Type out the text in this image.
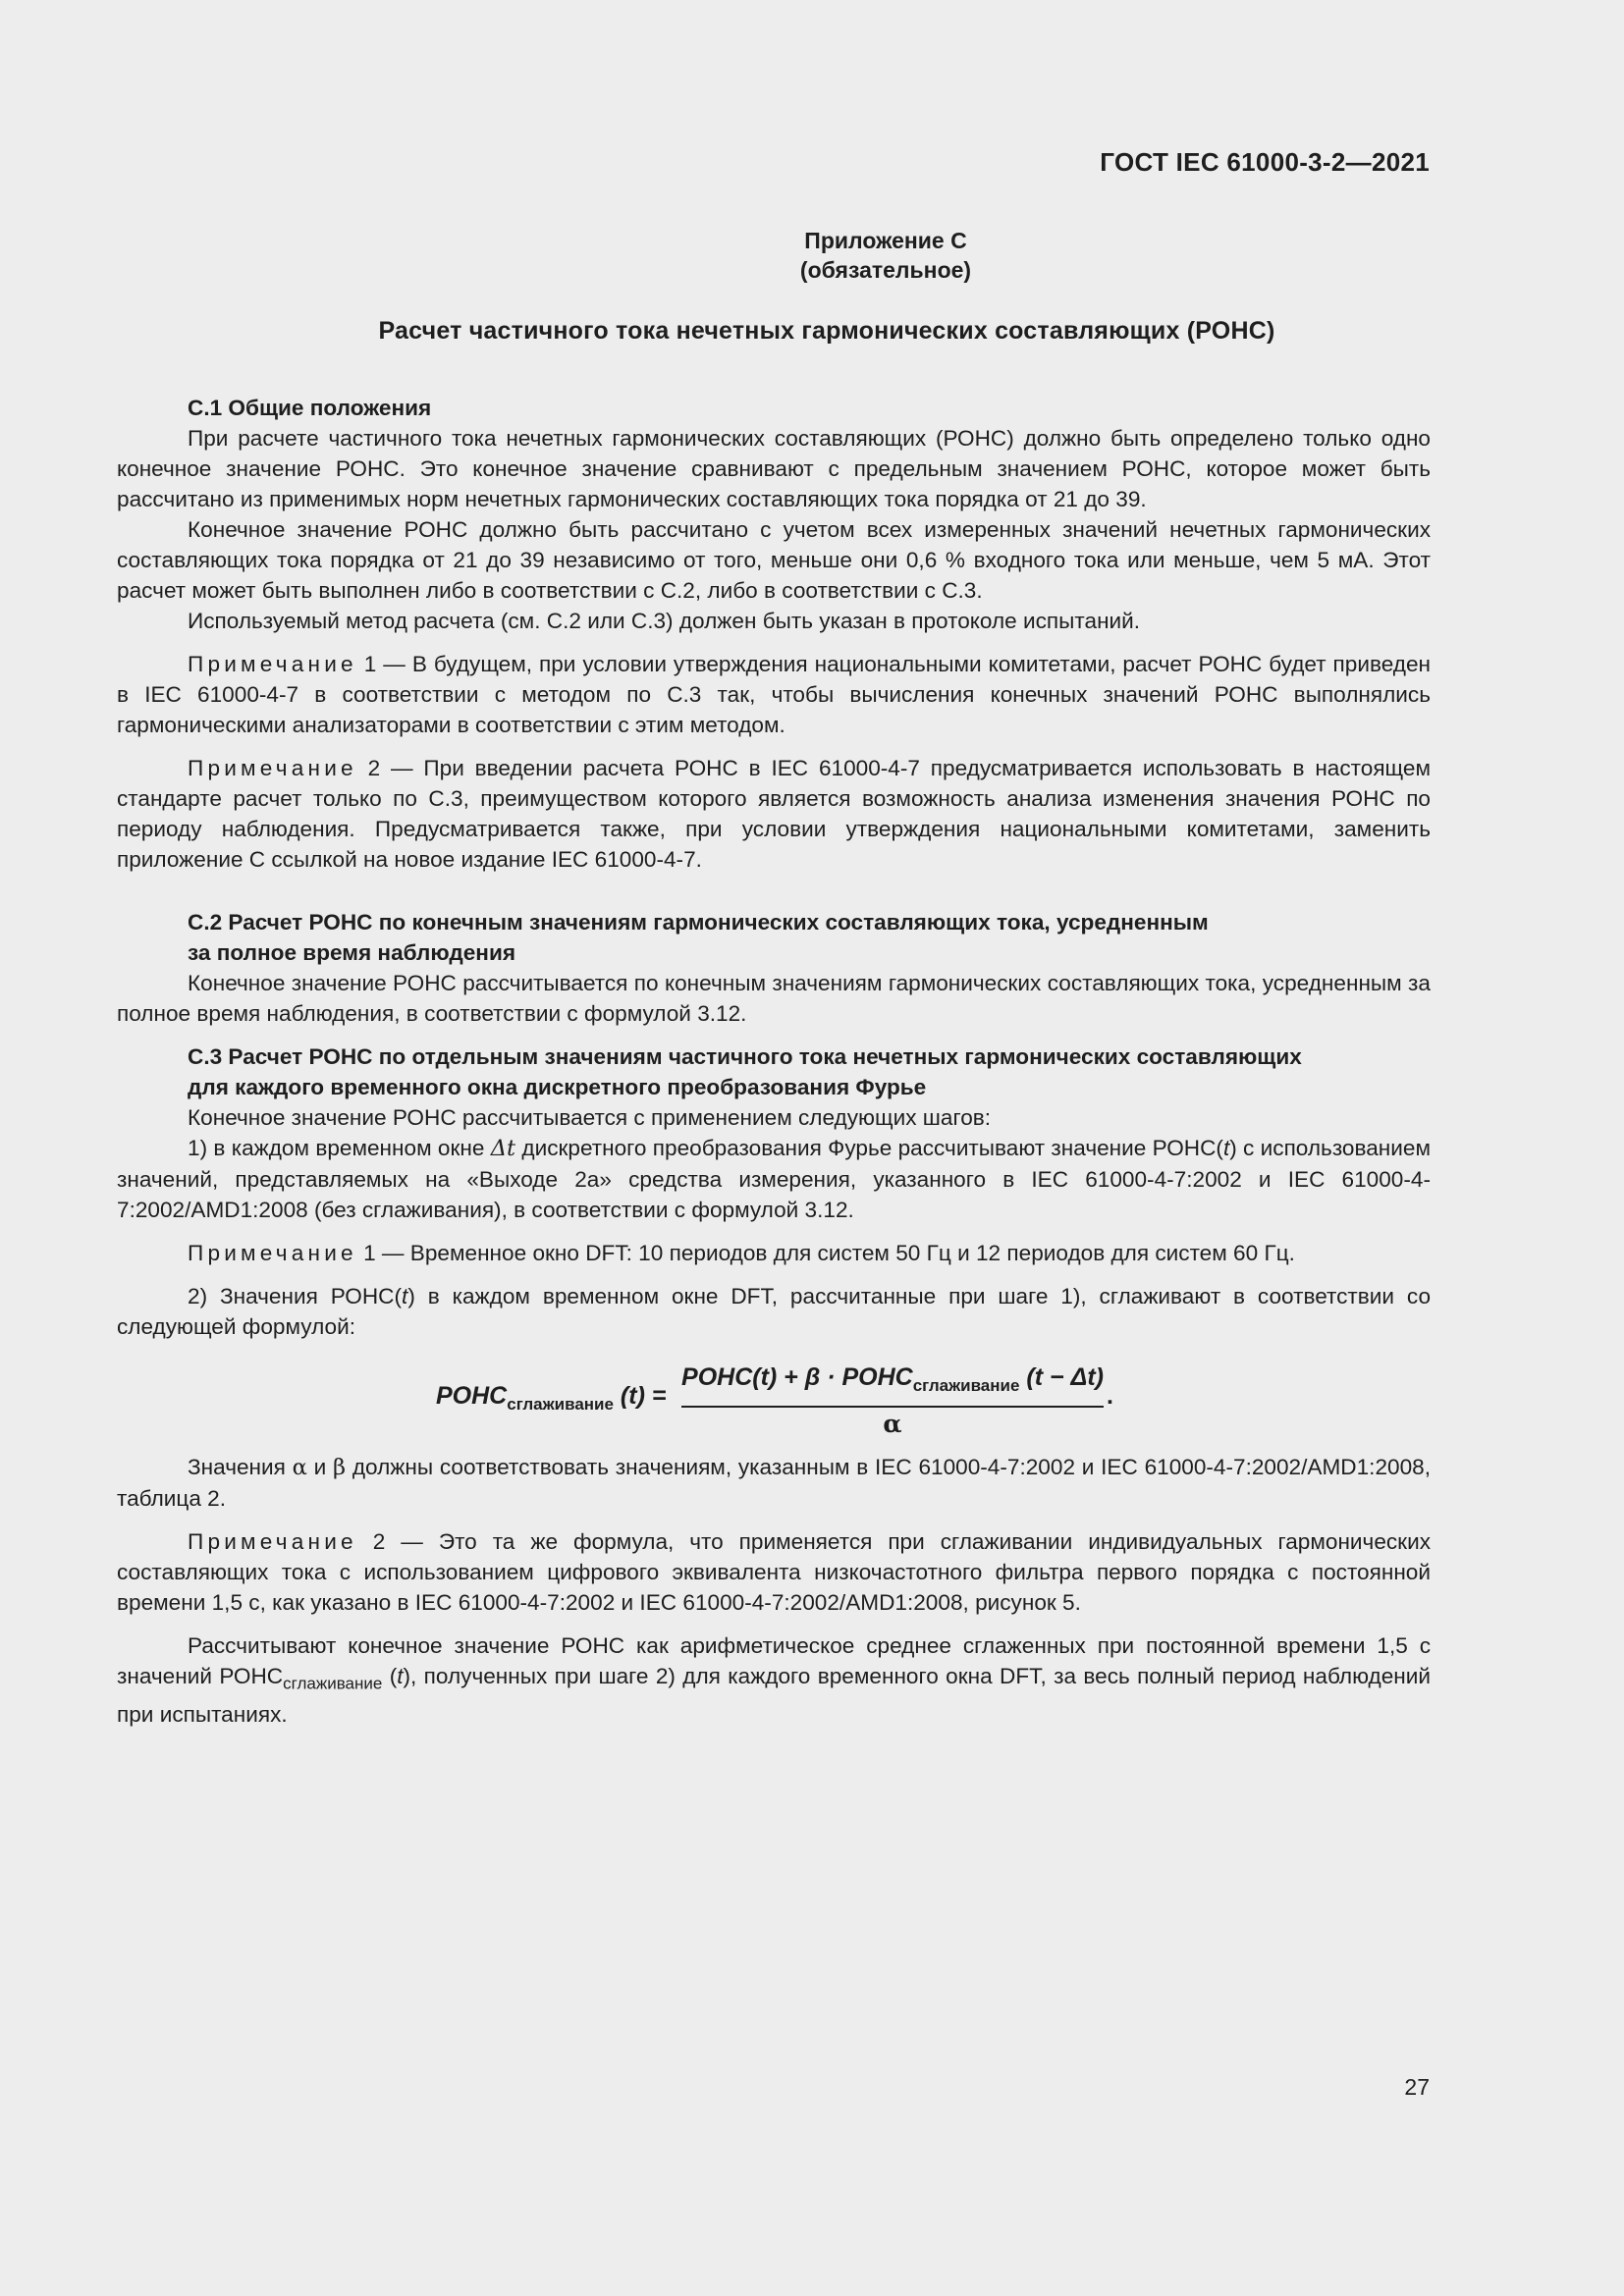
ГОСТ IEC 61000-3-2—2021
Приложение С
(обязательное)
Расчет частичного тока нечетных гармонических составляющих (РОНС)
С.1 Общие положения

При расчете частичного тока нечетных гармонических составляющих (РОНС) должно быть определено только одно конечное значение РОНС. Это конечное значение сравнивают с предельным значением РОНС, которое может быть рассчитано из применимых норм нечетных гармонических составляющих тока порядка от 21 до 39.

Конечное значение РОНС должно быть рассчитано с учетом всех измеренных значений нечетных гармонических составляющих тока порядка от 21 до 39 независимо от того, меньше они 0,6 % входного тока или меньше, чем 5 мА. Этот расчет может быть выполнен либо в соответствии с С.2, либо в соответствии с С.3.

Используемый метод расчета (см. С.2 или С.3) должен быть указан в протоколе испытаний.

Примечание 1 — В будущем, при условии утверждения национальными комитетами, расчет РОНС будет приведен в IEC 61000-4-7 в соответствии с методом по С.3 так, чтобы вычисления конечных значений РОНС выполнялись гармоническими анализаторами в соответствии с этим методом.

Примечание 2 — При введении расчета РОНС в IEC 61000-4-7 предусматривается использовать в настоящем стандарте расчет только по С.3, преимуществом которого является возможность анализа изменения значения РОНС по периоду наблюдения. Предусматривается также, при условии утверждения национальными комитетами, заменить приложение С ссылкой на новое издание IEC 61000-4-7.

С.2 Расчет РОНС по конечным значениям гармонических составляющих тока, усредненным
за полное время наблюдения

Конечное значение РОНС рассчитывается по конечным значениям гармонических составляющих тока, усредненным за полное время наблюдения, в соответствии с формулой 3.12.

С.3 Расчет РОНС по отдельным значениям частичного тока нечетных гармонических составляющих
для каждого временного окна дискретного преобразования Фурье

Конечное значение РОНС рассчитывается с применением следующих шагов:

1) в каждом временном окне Δt дискретного преобразования Фурье рассчитывают значение РОНС(t) с использованием значений, представляемых на «Выходе 2а» средства измерения, указанного в IEC 61000-4-7:2002 и IEC 61000-4-7:2002/AMD1:2008 (без сглаживания), в соответствии с формулой 3.12.

Примечание 1 — Временное окно DFT: 10 периодов для систем 50 Гц и 12 периодов для систем 60 Гц.

2) Значения РОНС(t) в каждом временном окне DFT, рассчитанные при шаге 1), сглаживают в соответствии со следующей формулой:

$РОНС_{сглаживание}$ (t) =
РОНС(t) + $\beta \cdot РОНС_{сглаживание}$ (t − Δt)
α
.

Значения α и β должны соответствовать значениям, указанным в IEC 61000-4-7:2002 и IEC 61000-4-7:2002/AMD1:2008, таблица 2.

Примечание 2 — Это та же формула, что применяется при сглаживании индивидуальных гармонических составляющих тока с использованием цифрового эквивалента низкочастотного фильтра первого порядка с постоянной времени 1,5 с, как указано в IEC 61000-4-7:2002 и IEC 61000-4-7:2002/AMD1:2008, рисунок 5.

Рассчитывают конечное значение РОНС как арифметическое среднее сглаженных при постоянной времени 1,5 с значений $РОНС_{сглаживание}$ (t), полученных при шаге 2) для каждого временного окна DFT, за весь полный период наблюдений при испытаниях.

27
